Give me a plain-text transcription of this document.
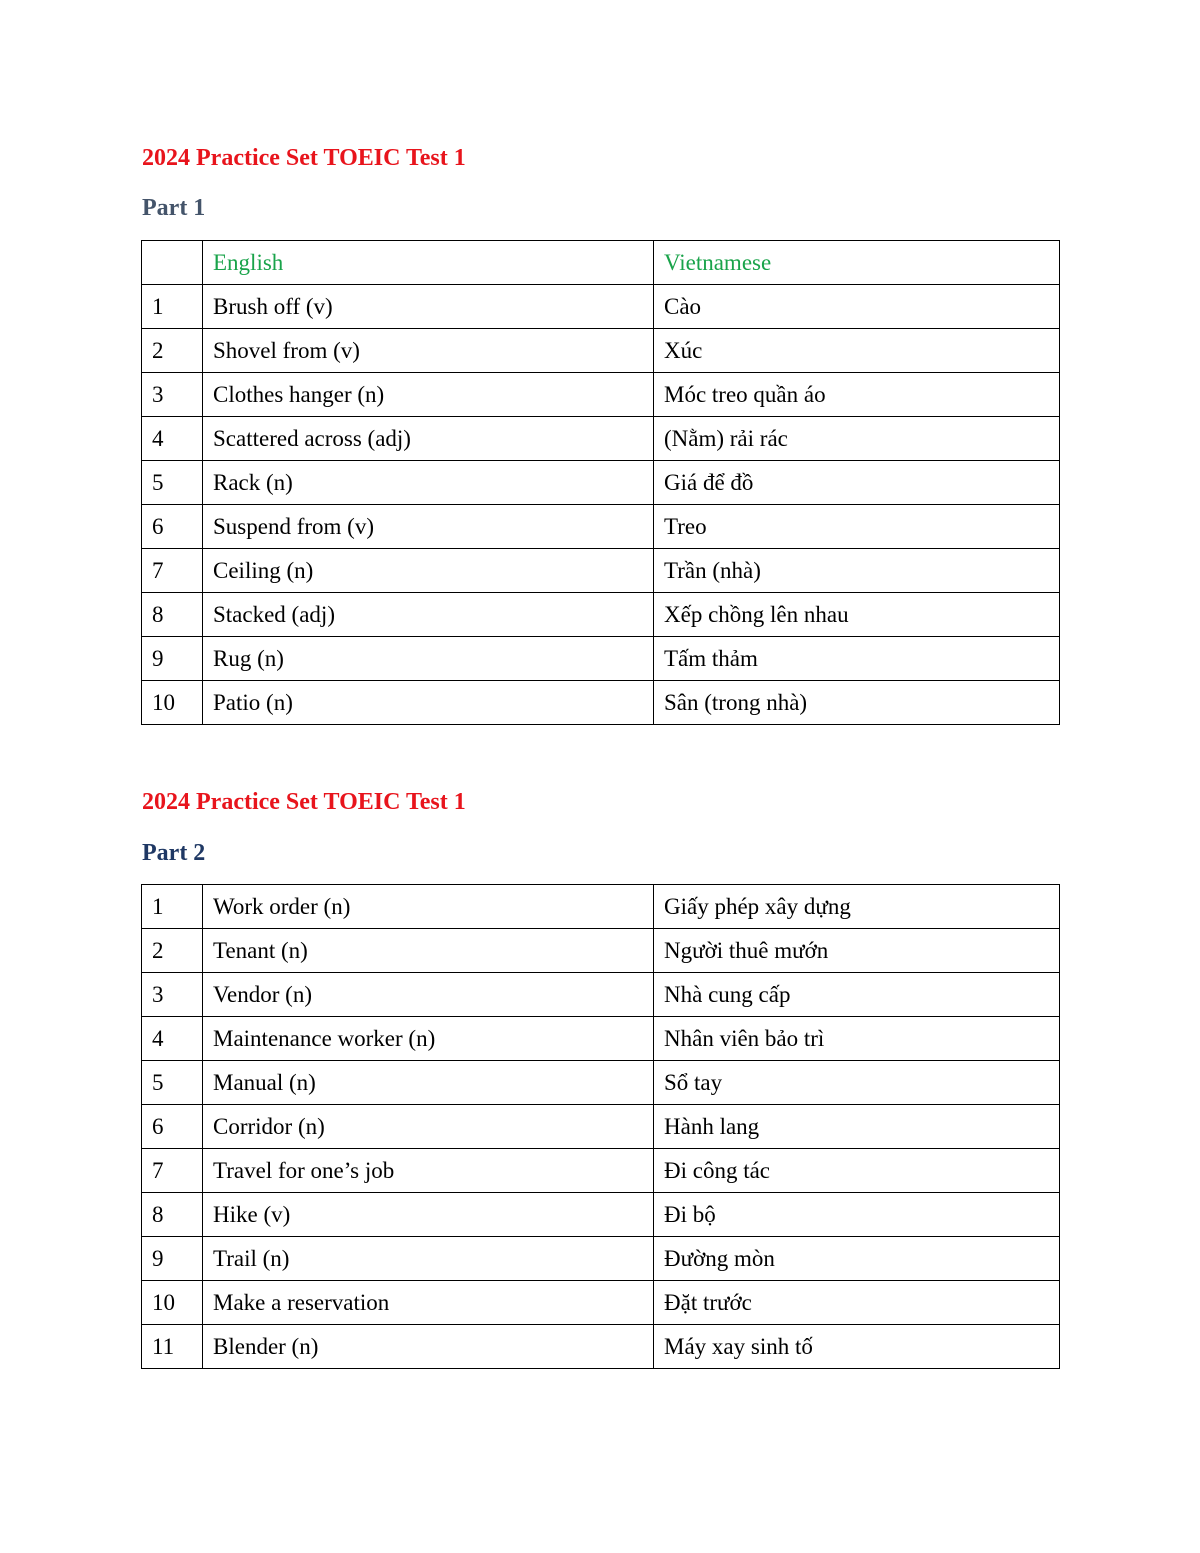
2024 Practice Set TOEIC Test 1
Part 1
	English	Vietnamese
1	Brush off (v)	Cào
2	Shovel from (v)	Xúc
3	Clothes hanger (n)	Móc treo quần áo
4	Scattered across (adj)	(Nằm) rải rác
5	Rack (n)	Giá để đồ
6	Suspend from (v)	Treo
7	Ceiling (n)	Trần (nhà)
8	Stacked (adj)	Xếp chồng lên nhau
9	Rug (n)	Tấm thảm
10	Patio (n)	Sân (trong nhà)
2024 Practice Set TOEIC Test 1
Part 2
1	Work order (n)	Giấy phép xây dựng
2	Tenant (n)	Người thuê mướn
3	Vendor (n)	Nhà cung cấp
4	Maintenance worker (n)	Nhân viên bảo trì
5	Manual (n)	Sổ tay
6	Corridor (n)	Hành lang
7	Travel for one’s job	Đi công tác
8	Hike (v)	Đi bộ
9	Trail (n)	Đường mòn
10	Make a reservation	Đặt trước
11	Blender (n)	Máy xay sinh tố
